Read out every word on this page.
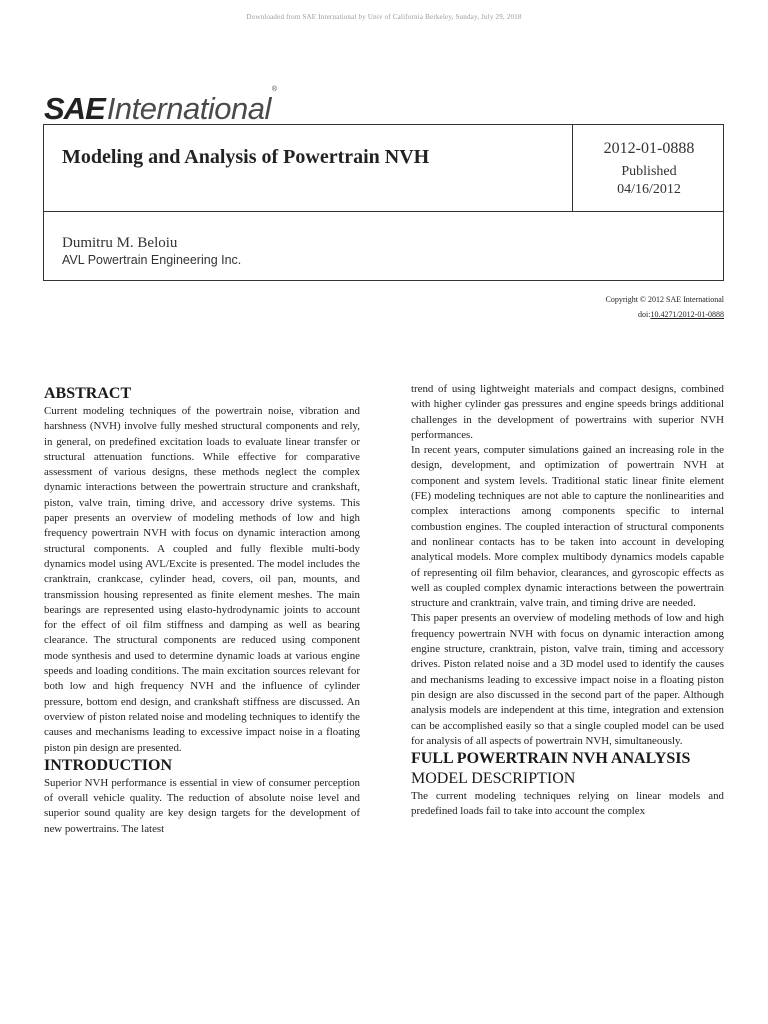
Downloaded from SAE International by Univ of California Berkeley, Sunday, July 29, 2018
SAE International
®
Modeling and Analysis of Powertrain NVH	2012-01-0888
Published
04/16/2012
Dumitru M. Beloiu
AVL Powertrain Engineering Inc.
Copyright © 2012 SAE International
doi:10.4271/2012-01-0888
ABSTRACT

Current modeling techniques of the powertrain noise, vibration and harshness (NVH) involve fully meshed structural components and rely, in general, on predefined excitation loads to evaluate linear transfer or structural attenuation functions. While effective for comparative assessment of various designs, these methods neglect the complex dynamic interactions between the powertrain structure and crankshaft, piston, valve train, timing drive, and accessory drive systems. This paper presents an overview of modeling methods of low and high frequency powertrain NVH with focus on dynamic interaction among structural components. A coupled and fully flexible multi-body dynamics model using AVL/Excite is presented. The model includes the cranktrain, crankcase, cylinder head, covers, oil pan, mounts, and transmission housing represented as finite element meshes. The main bearings are represented using elasto-hydrodynamic joints to account for the effect of oil film stiffness and damping as well as bearing clearance. The structural components are reduced using component mode synthesis and used to determine dynamic loads at various engine speeds and loading conditions. The main excitation sources relevant for both low and high frequency NVH and the influence of cylinder pressure, bottom end design, and crankshaft stiffness are discussed. An overview of piston related noise and modeling techniques to identify the causes and mechanisms leading to excessive impact noise in a floating piston pin design are presented.

INTRODUCTION

Superior NVH performance is essential in view of consumer perception of overall vehicle quality. The reduction of absolute noise level and superior sound quality are key design targets for the development of new powertrains. The latest

trend of using lightweight materials and compact designs, combined with higher cylinder gas pressures and engine speeds brings additional challenges in the development of powertrains with superior NVH performances.

In recent years, computer simulations gained an increasing role in the design, development, and optimization of powertrain NVH at component and system levels. Traditional static linear finite element (FE) modeling techniques are not able to capture the nonlinearities and complex interactions among components specific to internal combustion engines. The coupled interaction of structural components and nonlinear contacts has to be taken into account in developing analytical models. More complex multibody dynamics models capable of representing oil film behavior, clearances, and gyroscopic effects as well as coupled complex dynamic interactions between the powertrain structure and cranktrain, valve train, and timing drive are needed.

This paper presents an overview of modeling methods of low and high frequency powertrain NVH with focus on dynamic interaction among engine structure, cranktrain, piston, valve train, timing and accessory drives. Piston related noise and a 3D model used to identify the causes and mechanisms leading to excessive impact noise in a floating piston pin design are also discussed in the second part of the paper. Although analysis models are independent at this time, integration and extension can be accomplished easily so that a single coupled model can be used for analysis of all aspects of powertrain NVH, simultaneously.

FULL POWERTRAIN NVH ANALYSIS
MODEL DESCRIPTION

The current modeling techniques relying on linear models and predefined loads fail to take into account the complex
